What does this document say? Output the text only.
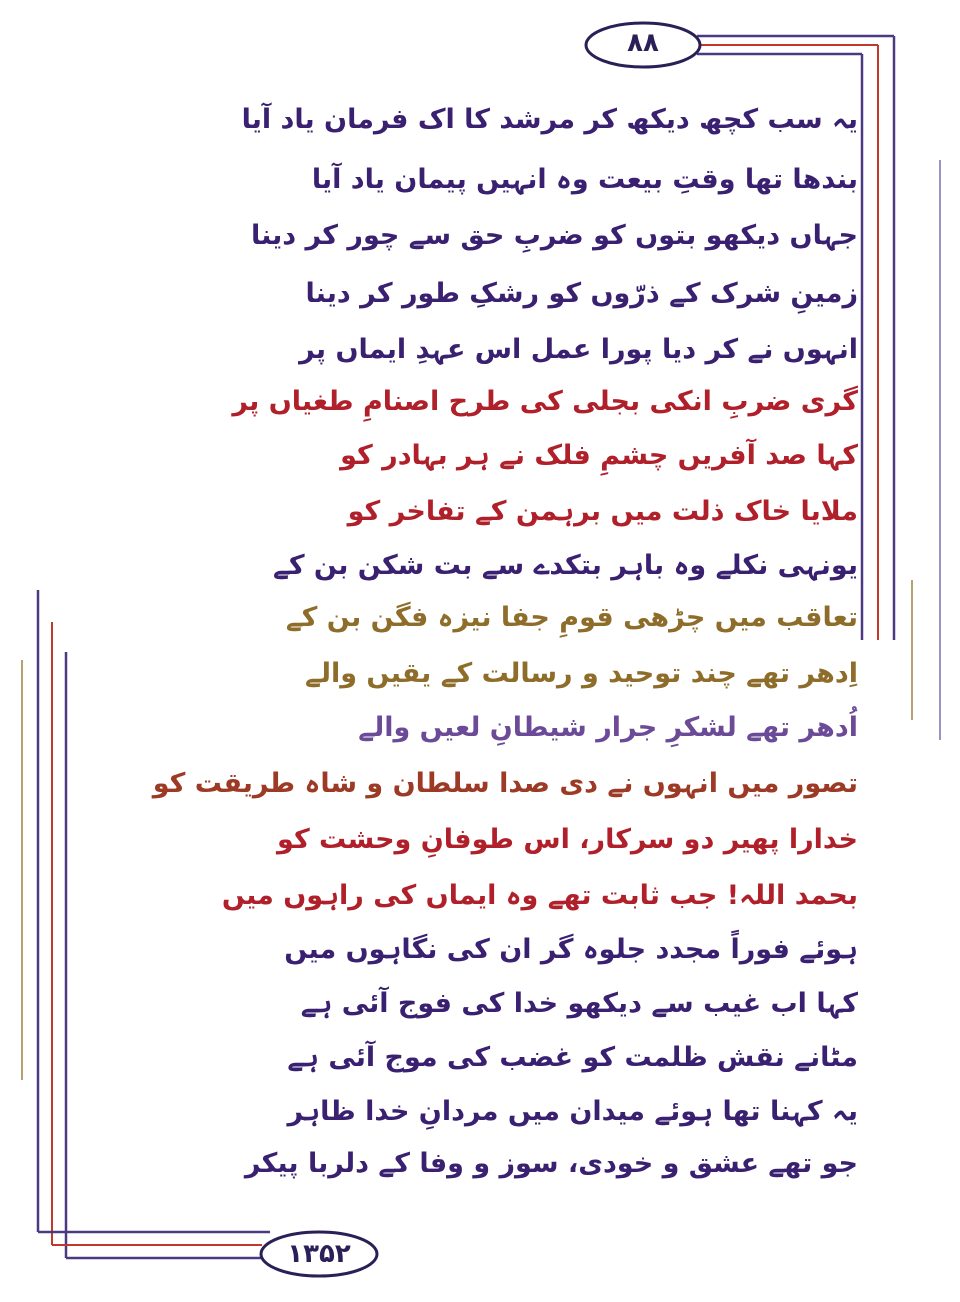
۸۸
۱۳۵۲
یہ سب کچھ دیکھ کر مرشد کا اک فرمان یاد آیا
بندھا تھا وقتِ بیعت وہ انہیں پیمان یاد آیا
جہاں دیکھو بتوں کو ضربِ حق سے چور کر دینا
زمینِ شرک کے ذرّوں کو رشکِ طور کر دینا
انہوں نے کر دیا پورا عمل اس عہدِ ایماں پر
گری ضربِ انکی بجلی کی طرح اصنامِ طغیاں پر
کہا صد آفریں چشمِ فلک نے ہر بہادر کو
ملایا خاک ذلت میں برہمن کے تفاخر کو
یونہی نکلے وہ باہر بتکدے سے بت شکن بن کے
تعاقب میں چڑھی قومِ جفا نیزہ فگن بن کے
اِدھر تھے چند توحید و رسالت کے یقیں والے
اُدھر تھے لشکرِ جرار شیطانِ لعیں والے
تصور میں انہوں نے دی صدا سلطان و شاہ طریقت کو
خدارا پھیر دو سرکار، اس طوفانِ وحشت کو
بحمد اللہ! جب ثابت تھے وہ ایماں کی راہوں میں
ہوئے فوراً مجدد جلوہ گر ان کی نگاہوں میں
کہا اب غیب سے دیکھو خدا کی فوج آئی ہے
مٹانے نقش ظلمت کو غضب کی موج آئی ہے
یہ کہنا تھا ہوئے میدان میں مردانِ خدا ظاہر
جو تھے عشق و خودی، سوز و وفا کے دلربا پیکر
